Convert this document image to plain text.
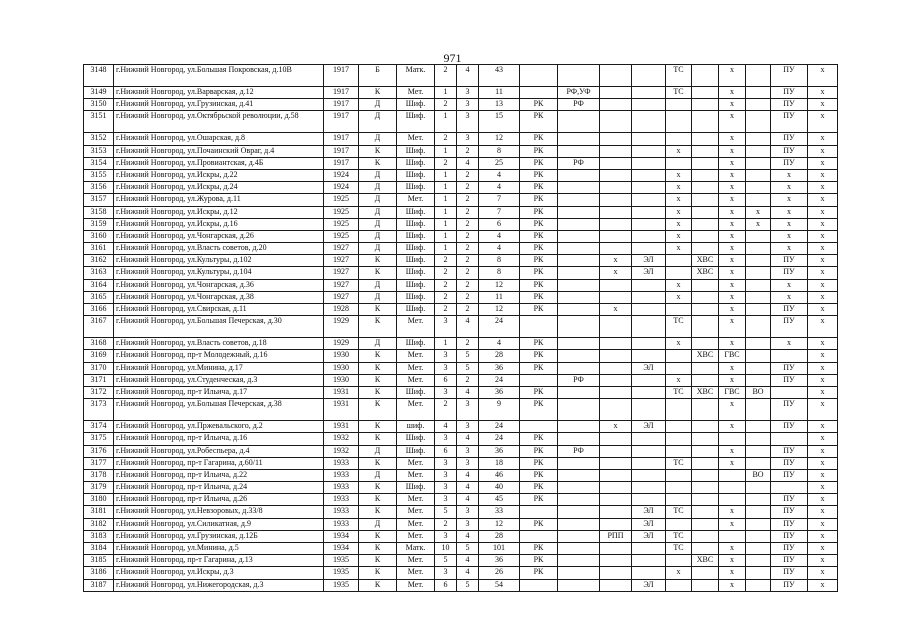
971
3148	г.Нижний Новгород, ул.Большая Покровская, д.10В	1917	Б	Матк.	2	4	43					ТС		х		ПУ	х
3149	г.Нижний Новгород, ул.Варварская, д.12	1917	К	Мет.	1	3	11		РФ,УФ			ТС		х		ПУ	х
3150	г.Нижний Новгород, ул.Грузинская, д.41	1917	Д	Шиф.	2	3	13	РК	РФ					х		ПУ	х
3151	г.Нижний Новгород, ул.Октябрьской революции, д.58	1917	Д	Шиф.	1	3	15	РК						х		ПУ	х
3152	г.Нижний Новгород, ул.Ошарская, д.8	1917	Д	Мет.	2	3	12	РК						х		ПУ	х
3153	г.Нижний Новгород, ул.Почаинский Овраг, д.4	1917	К	Шиф.	1	2	8	РК				х		х		ПУ	х
3154	г.Нижний Новгород, ул.Провиантская, д.4Б	1917	К	Шиф.	2	4	25	РК	РФ					х		ПУ	х
3155	г.Нижний Новгород, ул.Искры, д.22	1924	Д	Шиф.	1	2	4	РК				х		х		х	х
3156	г.Нижний Новгород, ул.Искры, д.24	1924	Д	Шиф.	1	2	4	РК				х		х		х	х
3157	г.Нижний Новгород, ул.Журова, д.11	1925	Д	Мет.	1	2	7	РК				х		х		х	х
3158	г.Нижний Новгород, ул.Искры, д.12	1925	Д	Шиф.	1	2	7	РК				х		х	х	х	х
3159	г.Нижний Новгород, ул.Искры, д.16	1925	Д	Шиф.	1	2	6	РК				х		х	х	х	х
3160	г.Нижний Новгород, ул.Чонгарская, д.26	1925	Д	Шиф.	1	2	4	РК				х		х		х	х
3161	г.Нижний Новгород, ул.Власть советов, д.20	1927	Д	Шиф.	1	2	4	РК				х		х		х	х
3162	г.Нижний Новгород, ул.Культуры, д.102	1927	К	Шиф.	2	2	8	РК		х	ЭЛ		ХВС	х		ПУ	х
3163	г.Нижний Новгород, ул.Культуры, д.104	1927	К	Шиф.	2	2	8	РК		х	ЭЛ		ХВС	х		ПУ	х
3164	г.Нижний Новгород, ул.Чонгарская, д.36	1927	Д	Шиф.	2	2	12	РК				х		х		х	х
3165	г.Нижний Новгород, ул.Чонгарская, д.38	1927	Д	Шиф.	2	2	11	РК				х		х		х	х
3166	г.Нижний Новгород, ул.Свирская, д.11	1928	К	Шиф.	2	2	12	РК		х				х		ПУ	х
3167	г.Нижний Новгород, ул.Большая Печерская, д.30	1929	К	Мет.	3	4	24					ТС		х		ПУ	х
3168	г.Нижний Новгород, ул.Власть советов, д.18	1929	Д	Шиф.	1	2	4	РК				х		х		х	х
3169	г.Нижний Новгород, пр-т Молодежный, д.16	1930	К	Мет.	3	5	28	РК					ХВС	ГВС			х
3170	г.Нижний Новгород, ул.Минина, д.17	1930	К	Мет.	3	5	36	РК			ЭЛ			х		ПУ	х
3171	г.Нижний Новгород, ул.Студенческая, д.3	1930	К	Мет.	6	2	24		РФ			х		х		ПУ	х
3172	г.Нижний Новгород, пр-т Ильича, д.17	1931	К	Шиф.	3	4	36	РК				ТС	ХВС	ГВС	ВО		х
3173	г.Нижний Новгород, ул.Большая Печерская, д.38	1931	К	Мет.	2	3	9	РК						х		ПУ	х
3174	г.Нижний Новгород, ул.Пржевальского, д.2	1931	К	шиф.	4	3	24			х	ЭЛ			х		ПУ	х
3175	г.Нижний Новгород, пр-т Ильича, д.16	1932	К	Шиф.	3	4	24	РК									х
3176	г.Нижний Новгород, ул.Робеспьера, д.4	1932	Д	Шиф.	6	3	36	РК	РФ					х		ПУ	х
3177	г.Нижний Новгород, пр-т Гагарина, д.60/11	1933	К	Мет.	3	3	18	РК				ТС		х		ПУ	х
3178	г.Нижний Новгород, пр-т Ильича, д.22	1933	Д	Мет.	3	4	46	РК							ВО	ПУ	х
3179	г.Нижний Новгород, пр-т Ильича, д.24	1933	К	Шиф.	3	4	40	РК									х
3180	г.Нижний Новгород, пр-т Ильича, д.26	1933	К	Мет.	3	4	45	РК								ПУ	х
3181	г.Нижний Новгород, ул.Невзоровых, д.33/8	1933	К	Мет.	5	3	33				ЭЛ	ТС		х		ПУ	х
3182	г.Нижний Новгород, ул.Силикатная, д.9	1933	Д	Мет.	2	3	12	РК			ЭЛ			х		ПУ	х
3183	г.Нижний Новгород, ул.Грузинская, д.12Б	1934	К	Мет.	3	4	28			РПП	ЭЛ	ТС				ПУ	х
3184	г.Нижний Новгород, ул.Минина, д.5	1934	К	Матк.	10	5	101	РК				ТС		х		ПУ	х
3185	г.Нижний Новгород, пр-т Гагарина, д.13	1935	К	Мет.	5	4	36	РК					ХВС	х		ПУ	х
3186	г.Нижний Новгород, ул.Искры, д.3	1935	К	Мет.	3	4	26	РК				х		х		ПУ	х
3187	г.Нижний Новгород, ул.Нижегородская, д.3	1935	К	Мет.	6	5	54				ЭЛ			х		ПУ	х
